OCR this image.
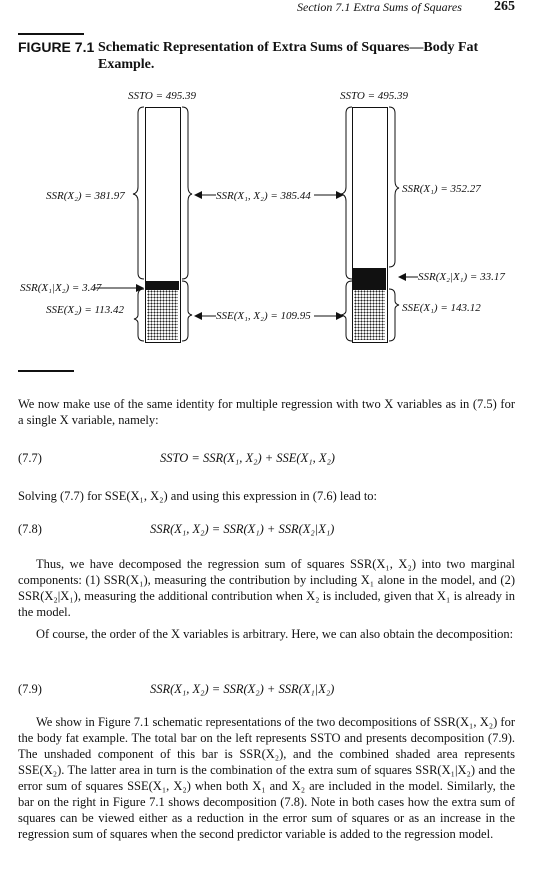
Section 7.1 Extra Sums of Squares 265
FIGURE 7.1 Schematic Representation of Extra Sums of Squares—Body Fat Example.
SSTO = 495.39
SSR(X₂) = 381.97
SSR(X₁|X₂) = 3.47
SSE(X₂) = 113.42
SSR(X₁, X₂) = 385.44
SSE(X₁, X₂) = 109.95
SSTO = 495.39
SSR(X₁) = 352.27
SSR(X₂|X₁) = 33.17
SSE(X₁) = 143.12

We now make use of the same identity for multiple regression with two X variables as in (7.5) for a single X variable, namely:

(7.7)	SSTO = SSR(X₁, X₂) + SSE(X₁, X₂)

Solving (7.7) for SSE(X₁, X₂) and using this expression in (7.6) lead to:

(7.8)	SSR(X₁, X₂) = SSR(X₁) + SSR(X₂|X₁)

Thus, we have decomposed the regression sum of squares SSR(X₁, X₂) into two marginal components: (1) SSR(X₁), measuring the contribution by including X₁ alone in the model, and (2) SSR(X₂|X₁), measuring the additional contribution when X₂ is included, given that X₁ is already in the model.

Of course, the order of the X variables is arbitrary. Here, we can also obtain the decomposition:

(7.9)	SSR(X₁, X₂) = SSR(X₂) + SSR(X₁|X₂)

We show in Figure 7.1 schematic representations of the two decompositions of SSR(X₁, X₂) for the body fat example. The total bar on the left represents SSTO and presents decomposition (7.9). The unshaded component of this bar is SSR(X₂), and the combined shaded area represents SSE(X₂). The latter area in turn is the combination of the extra sum of squares SSR(X₁|X₂) and the error sum of squares SSE(X₁, X₂) when both X₁ and X₂ are included in the model. Similarly, the bar on the right in Figure 7.1 shows decomposition (7.8). Note in both cases how the extra sum of squares can be viewed either as a reduction in the error sum of squares or as an increase in the regression sum of squares when the second predictor variable is added to the regression model.
